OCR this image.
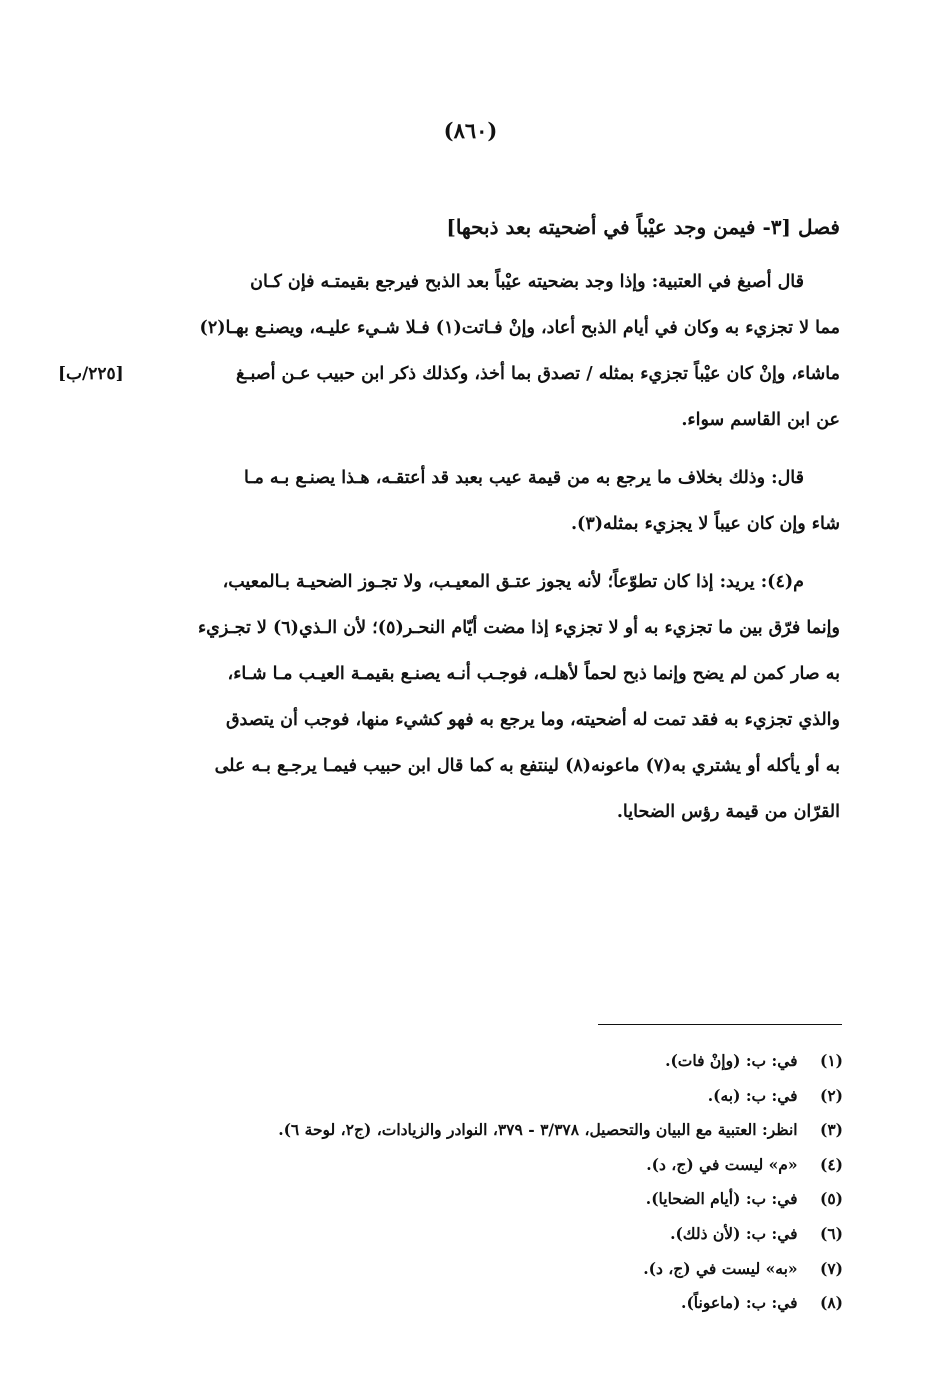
(٨٦٠)
فصل [٣- فيمن وجد عيْباً في أضحيته بعد ذبحها]
قال أصبغ في العتبية: وإذا وجد بضحيته عيْباً بعد الذبح فيرجع بقيمتـه فإن كـان
مما لا تجزيء به وكان في أيام الذبح أعاد، وإنْ فـاتت(١) فـلا شـيء عليـه، ويصنـع بهـا(٢)
ماشاء، وإنْ كان عيْباً تجزيء بمثله / تصدق بما أخذ، وكذلك ذكر ابن حبيب عـن أصبـغ
عن ابن القاسم سواء.
[٢٢٥/ب]
قال: وذلك بخلاف ما يرجع به من قيمة عيب بعبد قد أعتقـه، هـذا يصنـع بـه مـا
شاء وإن كان عيباً لا يجزيء بمثله(٣).
م(٤): يريد: إذا كان تطوّعاً؛ لأنه يجوز عتـق المعيـب، ولا تجـوز الضحيـة بـالمعيب،
وإنما فرّق بين ما تجزيء به أو لا تجزيء إذا مضت أيّام النحـر(٥)؛ لأن الـذي(٦) لا تجـزيء
به صار كمن لم يضح وإنما ذبح لحماً لأهلـه، فوجـب أنـه يصنـع بقيمـة العيـب مـا شـاء،
والذي تجزيء به فقد تمت له أضحيته، وما يرجع به فهو كشيء منها، فوجب أن يتصدق
به أو يأكله أو يشتري به(٧) ماعونه(٨) لينتفع به كما قال ابن حبيب فيمـا يرجـع بـه على
القرّان من قيمة رؤس الضحايا.
(١) في: ب: (وإنْ فات).
(٢) في: ب: (به).
(٣) انظر: العتبية مع البيان والتحصيل، ٣/٣٧٨ - ٣٧٩، النوادر والزيادات، (ج٢، لوحة ٦).
(٤) «م» ليست في (ج، د).
(٥) في: ب: (أيام الضحايا).
(٦) في: ب: (لأن ذلك).
(٧) «به» ليست في (ج، د).
(٨) في: ب: (ماعوناً).
